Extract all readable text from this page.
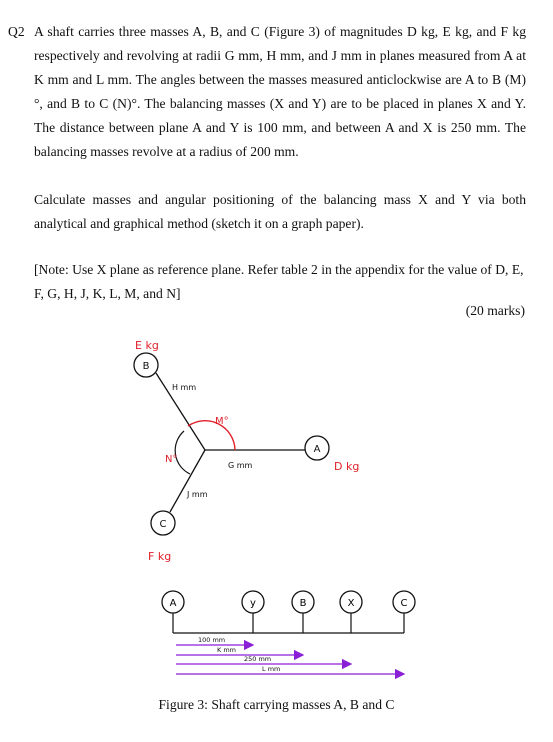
Q2 A shaft carries three masses A, B, and C (Figure 3) of magnitudes D kg, E kg, and F kg respectively and revolving at radii G mm, H mm, and J mm in planes measured from A at K mm and L mm. The angles between the masses measured anticlockwise are A to B (M)°, and B to C (N)°. The balancing masses (X and Y) are to be placed in planes X and Y. The distance between plane A and Y is 100 mm, and between A and X is 250 mm. The balancing masses revolve at a radius of 200 mm.

Calculate masses and angular positioning of the balancing mass X and Y via both analytical and graphical method (sketch it on a graph paper).

[Note: Use X plane as reference plane. Refer table 2 in the appendix for the value of D, E, F, G, H, J, K, L, M, and N]

(20 marks)
A
B
C
E kg
H mm
M°
N°
G mm	D kg
J mm
F kg
A	y	B	X	C
100 mm
K mm
250 mm
L mm
Figure 3: Shaft carrying masses A, B and C
